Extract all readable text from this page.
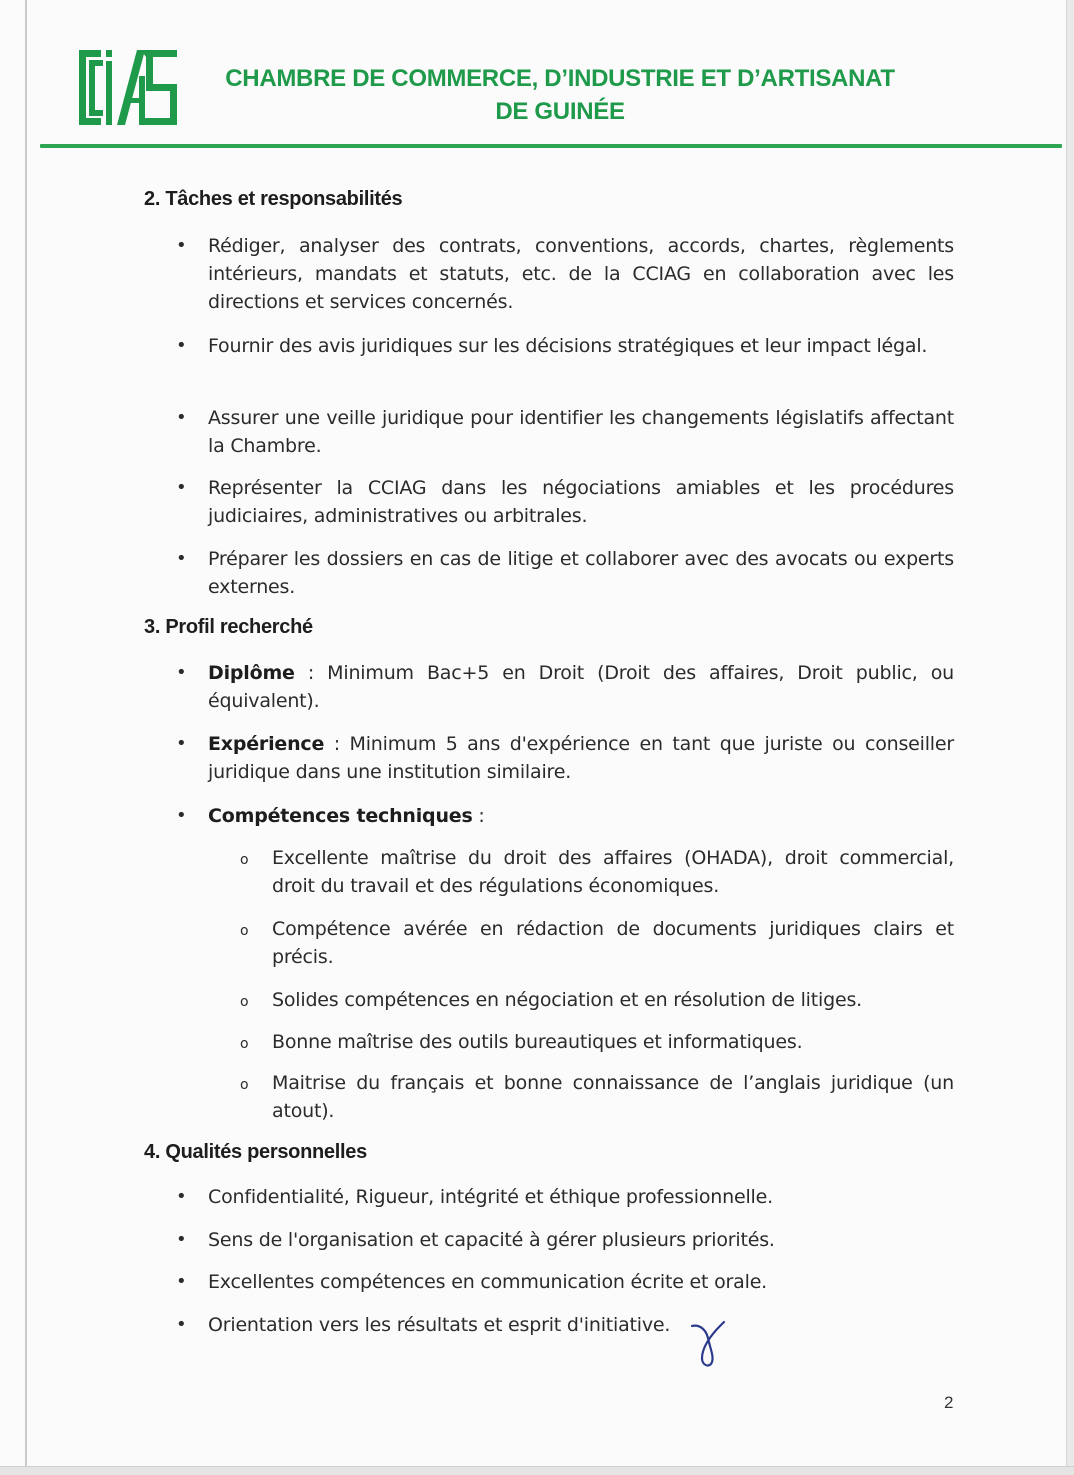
CHAMBRE DE COMMERCE, D’INDUSTRIE ET D’ARTISANAT
DE GUINÉE
2. Tâches et responsabilités
• Rédiger, analyser des contrats, conventions, accords, chartes, règlements intérieurs, mandats et statuts, etc. de la CCIAG en collaboration avec les directions et services concernés.
• Fournir des avis juridiques sur les décisions stratégiques et leur impact légal.
• Assurer une veille juridique pour identifier les changements législatifs affectant la Chambre.
• Représenter la CCIAG dans les négociations amiables et les procédures judiciaires, administratives ou arbitrales.
• Préparer les dossiers en cas de litige et collaborer avec des avocats ou experts externes.
3. Profil recherché
• Diplôme : Minimum Bac+5 en Droit (Droit des affaires, Droit public, ou équivalent).
• Expérience : Minimum 5 ans d'expérience en tant que juriste ou conseiller juridique dans une institution similaire.
• Compétences techniques :
o Excellente maîtrise du droit des affaires (OHADA), droit commercial, droit du travail et des régulations économiques.
o Compétence avérée en rédaction de documents juridiques clairs et précis.
o Solides compétences en négociation et en résolution de litiges.
o Bonne maîtrise des outils bureautiques et informatiques.
o Maitrise du français et bonne connaissance de l’anglais juridique (un atout).
4. Qualités personnelles
• Confidentialité, Rigueur, intégrité et éthique professionnelle.
• Sens de l'organisation et capacité à gérer plusieurs priorités.
• Excellentes compétences en communication écrite et orale.
• Orientation vers les résultats et esprit d'initiative.
2
